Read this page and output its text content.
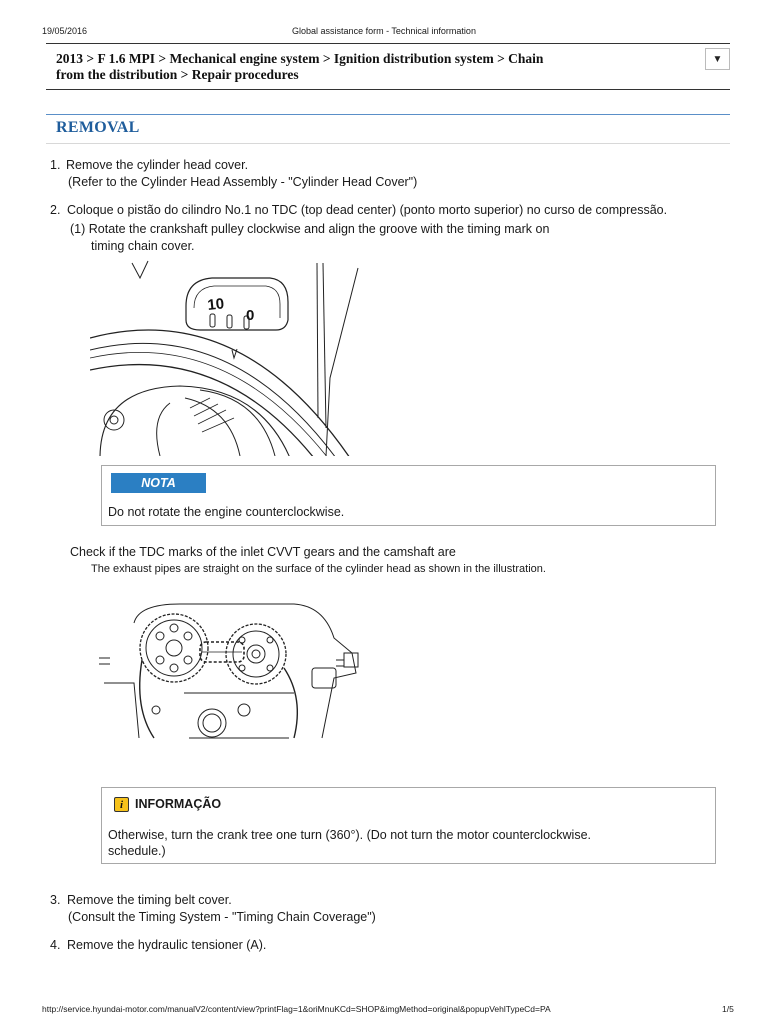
19/05/2016	Global assistance form - Technical information
2013 > F 1.6 MPI > Mechanical engine system > Ignition distribution system > Chain
from the distribution > Repair procedures
▼
REMOVAL
1. Remove the cylinder head cover.
(Refer to the Cylinder Head Assembly - "Cylinder Head Cover")
2. Coloque o pistão do cilindro No.1 no TDC (top dead center) (ponto morto superior) no curso de compressão.
(1) Rotate the crankshaft pulley clockwise and align the groove with the timing mark on
timing chain cover.
10
0
NOTA
Do not rotate the engine counterclockwise.
Check if the TDC marks of the inlet CVVT gears and the camshaft are
The exhaust pipes are straight on the surface of the cylinder head as shown in the illustration.
i INFORMAÇÃO
Otherwise, turn the crank tree one turn (360°). (Do not turn the motor counterclockwise.
schedule.)
3. Remove the timing belt cover.
(Consult the Timing System - "Timing Chain Coverage")
4. Remove the hydraulic tensioner (A).
http://service.hyundai-motor.com/manualV2/content/view?printFlag=1&oriMnuKCd=SHOP&imgMethod=original&popupVehlTypeCd=PA	1/5
